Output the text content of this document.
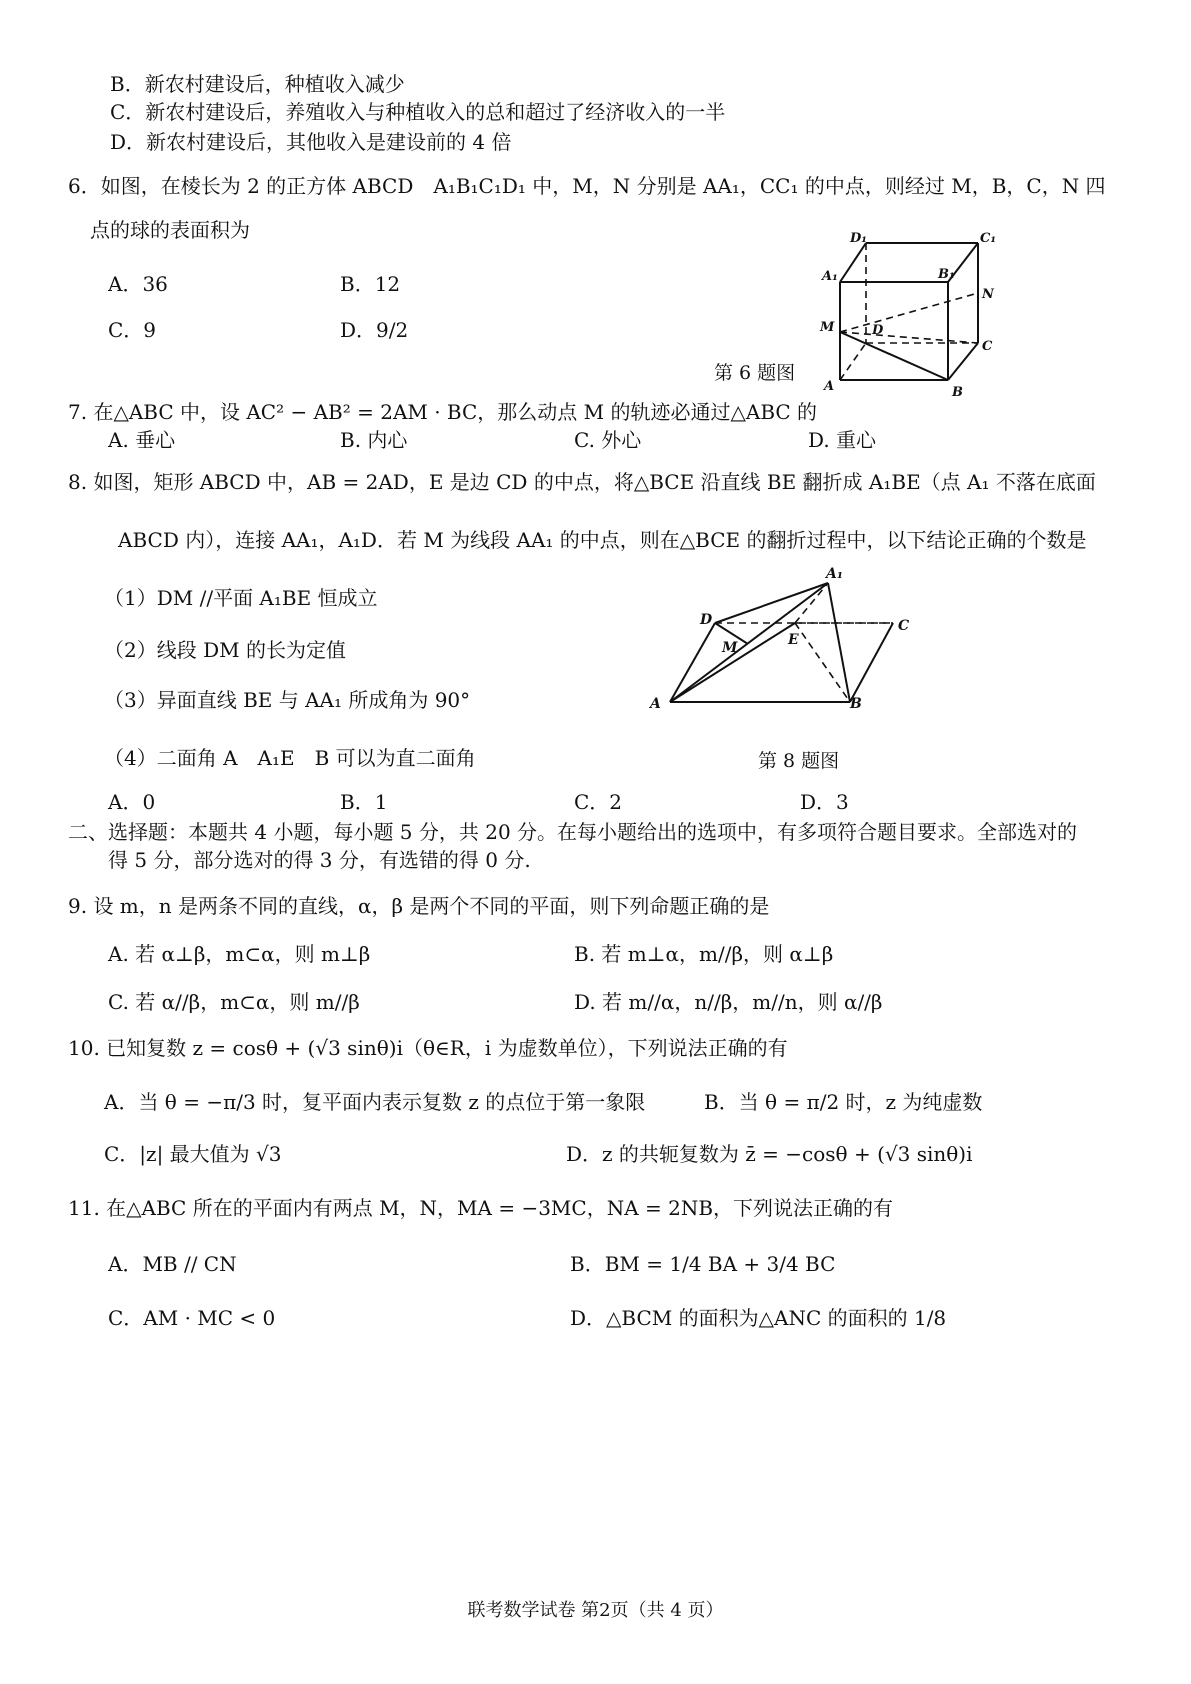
B．新农村建设后，种植收入减少
C．新农村建设后，养殖收入与种植收入的总和超过了经济收入的一半
D．新农村建设后，其他收入是建设前的 4 倍
6．如图，在棱长为 2 的正方体 ABCD　A₁B₁C₁D₁ 中，M，N 分别是 AA₁，CC₁ 的中点，则经过 M，B，C，N 四
点的球的表面积为
A．36	B．12
C．9	D．9/2
D₁	C₁
A₁	B₁
N
M	D
C
A	B
第 6 题图
7. 在△ABC 中，设 AC² − AB² = 2AM · BC，那么动点 M 的轨迹必通过△ABC 的
A. 垂心	B. 内心	C. 外心	D. 重心
8. 如图，矩形 ABCD 中，AB = 2AD，E 是边 CD 的中点，将△BCE 沿直线 BE 翻折成 A₁BE（点 A₁ 不落在底面
ABCD 内），连接 AA₁，A₁D．若 M 为线段 AA₁ 的中点，则在△BCE 的翻折过程中，以下结论正确的个数是
（1）DM //平面 A₁BE 恒成立
（2）线段 DM 的长为定值
（3）异面直线 BE 与 AA₁ 所成角为 90°
（4）二面角 A　A₁E　B 可以为直二面角
A₁
D	C
M	E
A	B
第 8 题图
A．0	B．1	C．2	D．3
二、选择题：本题共 4 小题，每小题 5 分，共 20 分。在每小题给出的选项中，有多项符合题目要求。全部选对的
得 5 分，部分选对的得 3 分，有选错的得 0 分.
9. 设 m，n 是两条不同的直线，α，β 是两个不同的平面，则下列命题正确的是
A. 若 α⊥β，m⊂α，则 m⊥β	B. 若 m⊥α，m//β，则 α⊥β
C. 若 α//β，m⊂α，则 m//β	D. 若 m//α，n//β，m//n，则 α//β
10. 已知复数 z = cosθ + (√3 sinθ)i（θ∈R，i 为虚数单位），下列说法正确的有
A．当 θ = −π/3 时，复平面内表示复数 z 的点位于第一象限	B．当 θ = π/2 时，z 为纯虚数
C．|z| 最大值为 √3	D．z 的共轭复数为 z̄ = −cosθ + (√3 sinθ)i
11. 在△ABC 所在的平面内有两点 M，N，MA = −3MC，NA = 2NB，下列说法正确的有
A．MB // CN	B．BM = 1/4 BA + 3/4 BC
C．AM · MC < 0	D．△BCM 的面积为△ANC 的面积的 1/8
联考数学试卷 第2页（共 4 页）
